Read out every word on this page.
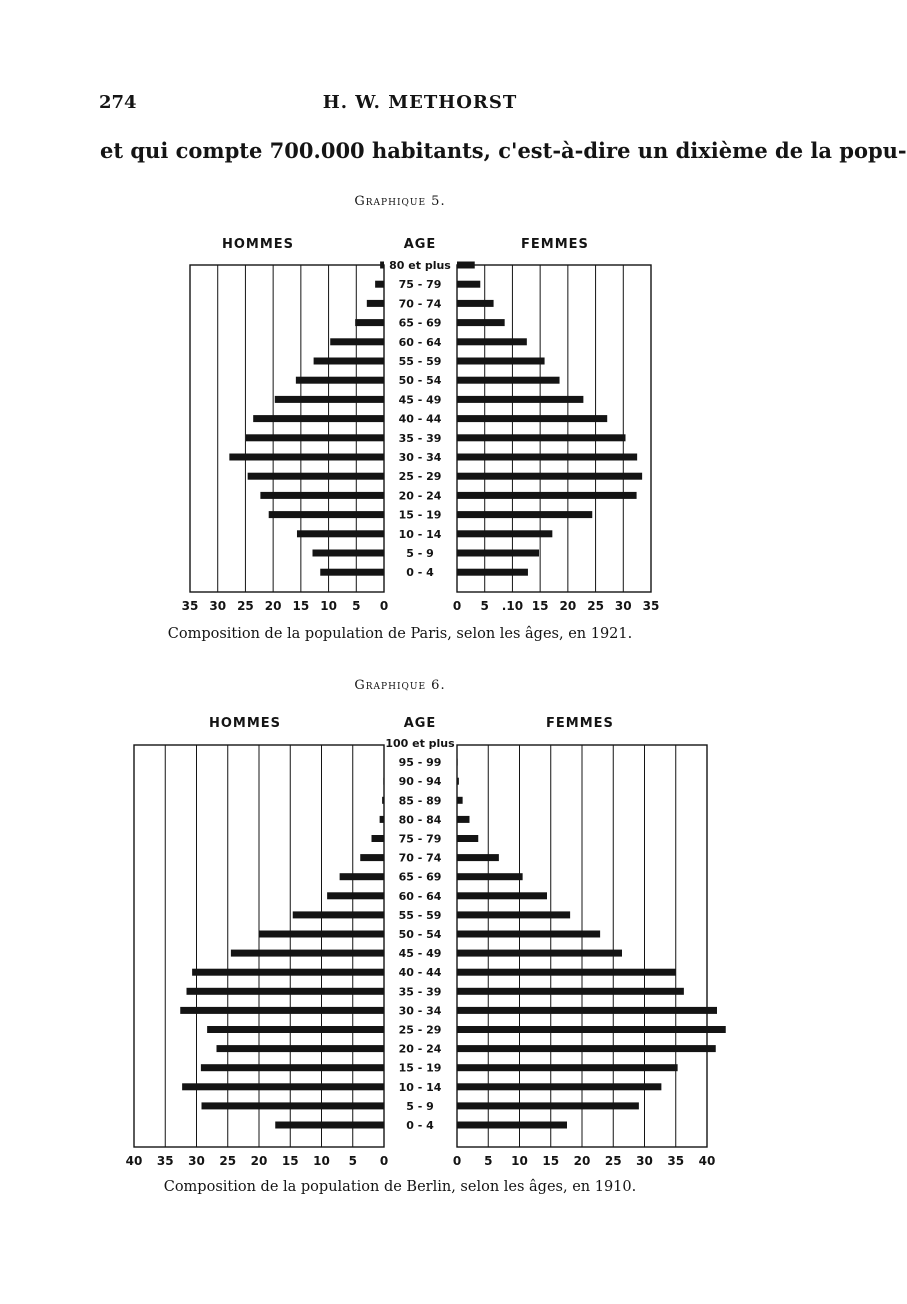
274	H. W. METHORST
et qui compte 700.000 habitants, c'est-à-dire un dixième de la popu-
Graphique 5.
HOMMES	AGE	FEMMES
35 30 25 20 15 10 5 0	0 5 .10 15 20 25 30 35
80 et plus
75 - 79
70 - 74
65 - 69
60 - 64
55 - 59
50 - 54
45 - 49
40 - 44
35 - 39
30 - 34
25 - 29
20 - 24
15 - 19
10 - 14
5 - 9
0 - 4
Composition de la population de Paris, selon les âges, en 1921.
Graphique 6.
HOMMES	AGE	FEMMES
40 35 30 25 20 15 10 5 0	0 5 10 15 20 25 30 35 40
100 et plus
95 - 99
90 - 94
85 - 89
80 - 84
75 - 79
70 - 74
65 - 69
60 - 64
55 - 59
50 - 54
45 - 49
40 - 44
35 - 39
30 - 34
25 - 29
20 - 24
15 - 19
10 - 14
5 - 9
0 - 4
Composition de la population de Berlin, selon les âges, en 1910.
